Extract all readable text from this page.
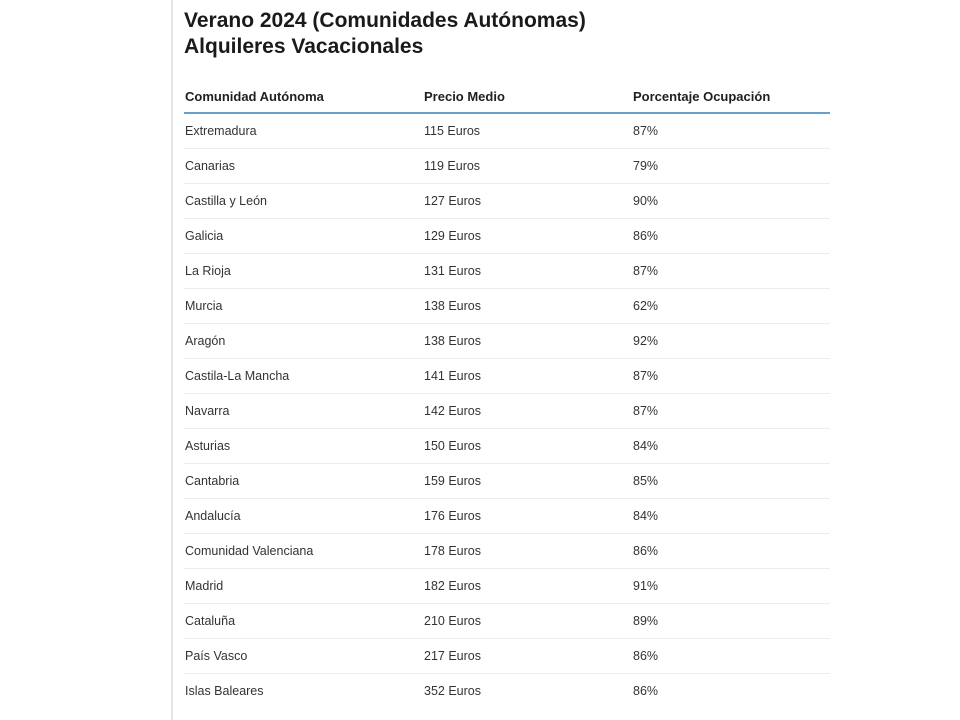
Verano 2024 (Comunidades Autónomas)
Alquileres Vacacionales
Comunidad Autónoma	Precio Medio	Porcentaje Ocupación
Extremadura	115 Euros	87%
Canarias	119 Euros	79%
Castilla y León	127 Euros	90%
Galicia	129 Euros	86%
La Rioja	131 Euros	87%
Murcia	138 Euros	62%
Aragón	138 Euros	92%
Castila-La Mancha	141 Euros	87%
Navarra	142 Euros	87%
Asturias	150 Euros	84%
Cantabria	159 Euros	85%
Andalucía	176 Euros	84%
Comunidad Valenciana	178 Euros	86%
Madrid	182 Euros	91%
Cataluña	210 Euros	89%
País Vasco	217 Euros	86%
Islas Baleares	352 Euros	86%
